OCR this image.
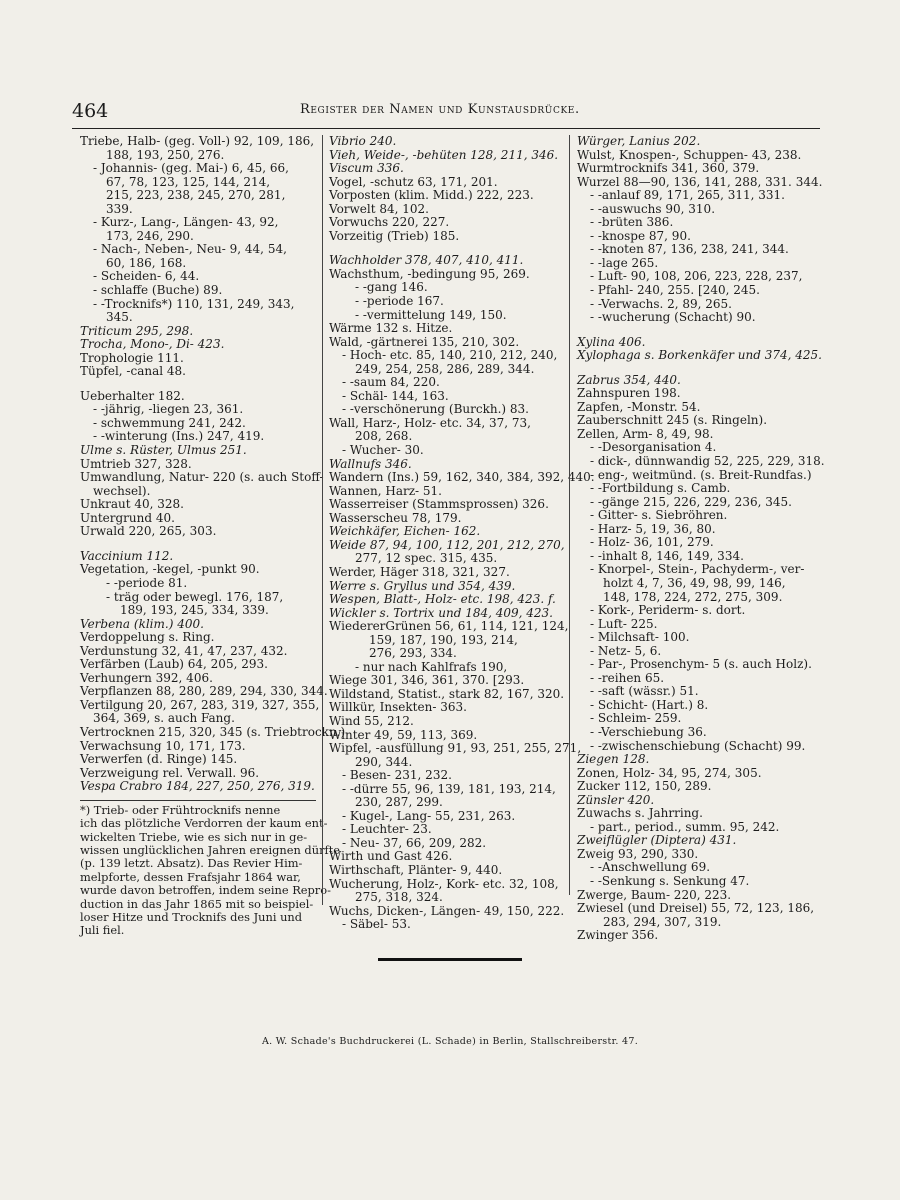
464	Register der Namen und Kunstausdrücke.
Triebe, Halb- (geg. Voll-) 92, 109, 186,
188, 193, 250, 276.
- Johannis- (geg. Mai-) 6, 45, 66,
67, 78, 123, 125, 144, 214,
215, 223, 238, 245, 270, 281,
339.
- Kurz-, Lang-, Längen- 43, 92,
173, 246, 290.
- Nach-, Neben-, Neu- 9, 44, 54,
60, 186, 168.
- Scheiden- 6, 44.
- schlaffe (Buche) 89.
- -Trocknifs*) 110, 131, 249, 343,
345.
Triticum 295, 298.
Trocha, Mono-, Di- 423.
Trophologie 111.
Tüpfel, -canal 48.
Ueberhalter 182.
- -jährig, -liegen 23, 361.
- schwemmung 241, 242.
- -winterung (Ins.) 247, 419.
Ulme s. Rüster, Ulmus 251.
Umtrieb 327, 328.
Umwandlung, Natur- 220 (s. auch Stoff-
wechsel).
Unkraut 40, 328.
Untergrund 40.
Urwald 220, 265, 303.
Vaccinium 112.
Vegetation, -kegel, -punkt 90.
- -periode 81.
- träg oder bewegl. 176, 187,
189, 193, 245, 334, 339.
Verbena (klim.) 400.
Verdoppelung s. Ring.
Verdunstung 32, 41, 47, 237, 432.
Verfärben (Laub) 64, 205, 293.
Verhungern 392, 406.
Verpflanzen 88, 280, 289, 294, 330, 344.
Vertilgung 20, 267, 283, 319, 327, 355,
364, 369, s. auch Fang.
Vertrocknen 215, 320, 345 (s. Triebtrockn.)
Verwachsung 10, 171, 173.
Verwerfen (d. Ringe) 145.
Verzweigung rel. Verwall. 96.
Vespa Crabro 184, 227, 250, 276, 319.
*) Trieb- oder Frühtrocknifs nenne
ich das plötzliche Verdorren der kaum ent-
wickelten Triebe, wie es sich nur in ge-
wissen unglücklichen Jahren ereignen dürfte
(p. 139 letzt. Absatz). Das Revier Him-
melpforte, dessen Frafsjahr 1864 war,
wurde davon betroffen, indem seine Repro-
duction in das Jahr 1865 mit so beispiel-
loser Hitze und Trocknifs des Juni und
Juli fiel.
Vibrio 240.
Vieh, Weide-, -behüten 128, 211, 346.
Viscum 336.
Vogel, -schutz 63, 171, 201.
Vorposten (klim. Midd.) 222, 223.
Vorwelt 84, 102.
Vorwuchs 220, 227.
Vorzeitig (Trieb) 185.
Wachholder 378, 407, 410, 411.
Wachsthum, -bedingung 95, 269.
- -gang 146.
- -periode 167.
- -vermittelung 149, 150.
Wärme 132 s. Hitze.
Wald, -gärtnerei 135, 210, 302.
- Hoch- etc. 85, 140, 210, 212, 240,
249, 254, 258, 286, 289, 344.
- -saum 84, 220.
- Schäl- 144, 163.
- -verschönerung (Burckh.) 83.
Wall, Harz-, Holz- etc. 34, 37, 73,
208, 268.
- Wucher- 30.
Wallnufs 346.
Wandern (Ins.) 59, 162, 340, 384, 392, 440.
Wannen, Harz- 51.
Wasserreiser (Stammsprossen) 326.
Wasserscheu 78, 179.
Weichkäfer, Eichen- 162.
Weide 87, 94, 100, 112, 201, 212, 270,
277, 12 spec. 315, 435.
Werder, Häger 318, 321, 327.
Werre s. Gryllus und 354, 439.
Wespen, Blatt-, Holz- etc. 198, 423. f.
Wickler s. Tortrix und 184, 409, 423.
WiedererGrünen 56, 61, 114, 121, 124,
159, 187, 190, 193, 214,
276, 293, 334.
- nur nach Kahlfrafs 190,
Wiege 301, 346, 361, 370. [293.
Wildstand, Statist., stark 82, 167, 320.
Willkür, Insekten- 363.
Wind 55, 212.
Winter 49, 59, 113, 369.
Wipfel, -ausfüllung 91, 93, 251, 255, 271,
290, 344.
- Besen- 231, 232.
- -dürre 55, 96, 139, 181, 193, 214,
230, 287, 299.
- Kugel-, Lang- 55, 231, 263.
- Leuchter- 23.
- Neu- 37, 66, 209, 282.
Wirth und Gast 426.
Wirthschaft, Plänter- 9, 440.
Wucherung, Holz-, Kork- etc. 32, 108,
275, 318, 324.
Wuchs, Dicken-, Längen- 49, 150, 222.
- Säbel- 53.
Würger, Lanius 202.
Wulst, Knospen-, Schuppen- 43, 238.
Wurmtrocknifs 341, 360, 379.
Wurzel 88—90, 136, 141, 288, 331. 344.
- -anlauf 89, 171, 265, 311, 331.
- -auswuchs 90, 310.
- -brüten 386.
- -knospe 87, 90.
- -knoten 87, 136, 238, 241, 344.
- -lage 265.
- Luft- 90, 108, 206, 223, 228, 237,
- Pfahl- 240, 255. [240, 245.
- -Verwachs. 2, 89, 265.
- -wucherung (Schacht) 90.
Xylina 406.
Xylophaga s. Borkenkäfer und 374, 425.
Zabrus 354, 440.
Zahnspuren 198.
Zapfen, -Monstr. 54.
Zauberschnitt 245 (s. Ringeln).
Zellen, Arm- 8, 49, 98.
- -Desorganisation 4.
- dick-, dünnwandig 52, 225, 229, 318.
- eng-, weitmünd. (s. Breit-Rundfas.)
- -Fortbildung s. Camb.
- -gänge 215, 226, 229, 236, 345.
- Gitter- s. Siebröhren.
- Harz- 5, 19, 36, 80.
- Holz- 36, 101, 279.
- -inhalt 8, 146, 149, 334.
- Knorpel-, Stein-, Pachyderm-, ver-
holzt 4, 7, 36, 49, 98, 99, 146,
148, 178, 224, 272, 275, 309.
- Kork-, Periderm- s. dort.
- Luft- 225.
- Milchsaft- 100.
- Netz- 5, 6.
- Par-, Prosenchym- 5 (s. auch Holz).
- -reihen 65.
- -saft (wässr.) 51.
- Schicht- (Hart.) 8.
- Schleim- 259.
- -Verschiebung 36.
- -zwischenschiebung (Schacht) 99.
Ziegen 128.
Zonen, Holz- 34, 95, 274, 305.
Zucker 112, 150, 289.
Zünsler 420.
Zuwachs s. Jahrring.
- part., period., summ. 95, 242.
Zweiflügler (Diptera) 431.
Zweig 93, 290, 330.
- -Anschwellung 69.
- -Senkung s. Senkung 47.
Zwerge, Baum- 220, 223.
Zwiesel (und Dreisel) 55, 72, 123, 186,
283, 294, 307, 319.
Zwinger 356.
A. W. Schade's Buchdruckerei (L. Schade) in Berlin, Stallschreiberstr. 47.
